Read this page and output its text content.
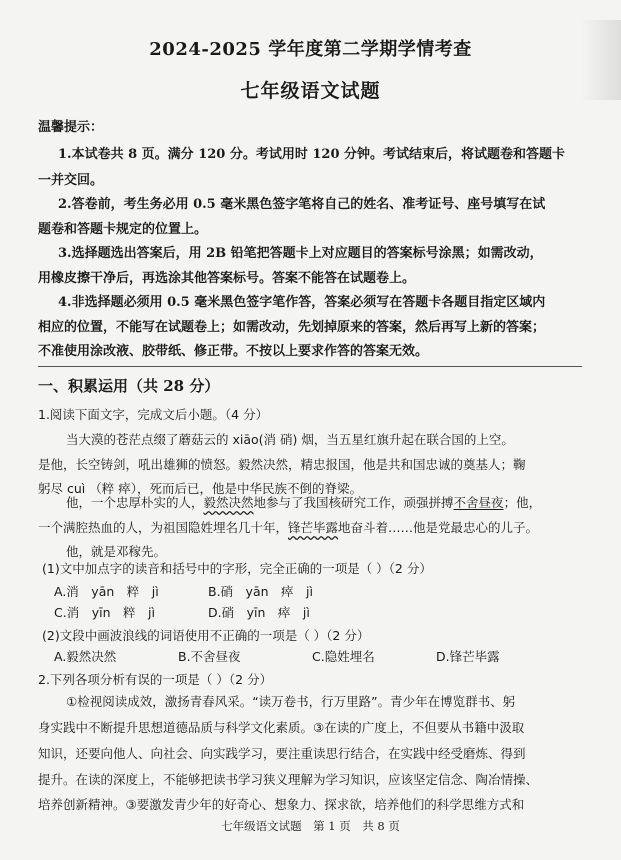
2024-2025 学年度第二学期学情考查
七年级语文试题
温馨提示：
1.本试卷共 8 页。满分 120 分。考试用时 120 分钟。考试结束后，将试题卷和答题卡
一并交回。
2.答卷前，考生务必用 0.5 毫米黑色签字笔将自己的姓名、准考证号、座号填写在试
题卷和答题卡规定的位置上。
3.选择题选出答案后，用 2B 铅笔把答题卡上对应题目的答案标号涂黑；如需改动，
用橡皮擦干净后，再选涂其他答案标号。答案不能答在试题卷上。
4.非选择题必须用 0.5 毫米黑色签字笔作答，答案必须写在答题卡各题目指定区域内
相应的位置，不能写在试题卷上；如需改动，先划掉原来的答案，然后再写上新的答案；
不准使用涂改液、胶带纸、修正带。不按以上要求作答的答案无效。
一、积累运用（共 28 分）
1.阅读下面文字，完成文后小题。（4 分）
当大漠的苍茫点缀了蘑菇云的 xiāo(消 硝) 烟，当五星红旗升起在联合国的上空。
是他，长空铸剑，吼出雄狮的愤怒。毅然决然，精忠报国，他是共和国忠诚的奠基人；鞠
躬尽 cuì （粹 瘁），死而后已，他是中华民族不倒的脊梁。
他，一个忠厚朴实的人，毅然决然地参与了我国核研究工作，顽强拼搏不舍昼夜；他，
一个满腔热血的人，为祖国隐姓埋名几十年，锋芒毕露地奋斗着……他是党最忠心的儿子。
他，就是邓稼先。
(1)文中加点字的读音和括号中的字形，完全正确的一项是（ ）（2 分）
A.消　yān　粹　jì	B.硝　yān　瘁　jì
C.消　yīn　粹　jì	D.硝　yīn　瘁　jì
(2)文段中画波浪线的词语使用不正确的一项是（ ）（2 分）
A.毅然决然	B.不舍昼夜	C.隐姓埋名	D.锋芒毕露
2.下列各项分析有误的一项是（ ）（2 分）
①检视阅读成效，激扬青春风采。“读万卷书，行万里路”。青少年在博览群书、躬
身实践中不断提升思想道德品质与科学文化素质。③在读的广度上，不但要从书籍中汲取
知识，还要向他人、向社会、向实践学习，要注重读思行结合，在实践中经受磨炼、得到
提升。在读的深度上，不能够把读书学习狭义理解为学习知识，应该坚定信念、陶冶情操、
培养创新精神。③要激发青少年的好奇心、想象力、探求欲，培养他们的科学思维方式和
七年级语文试题　第 1 页　共 8 页
